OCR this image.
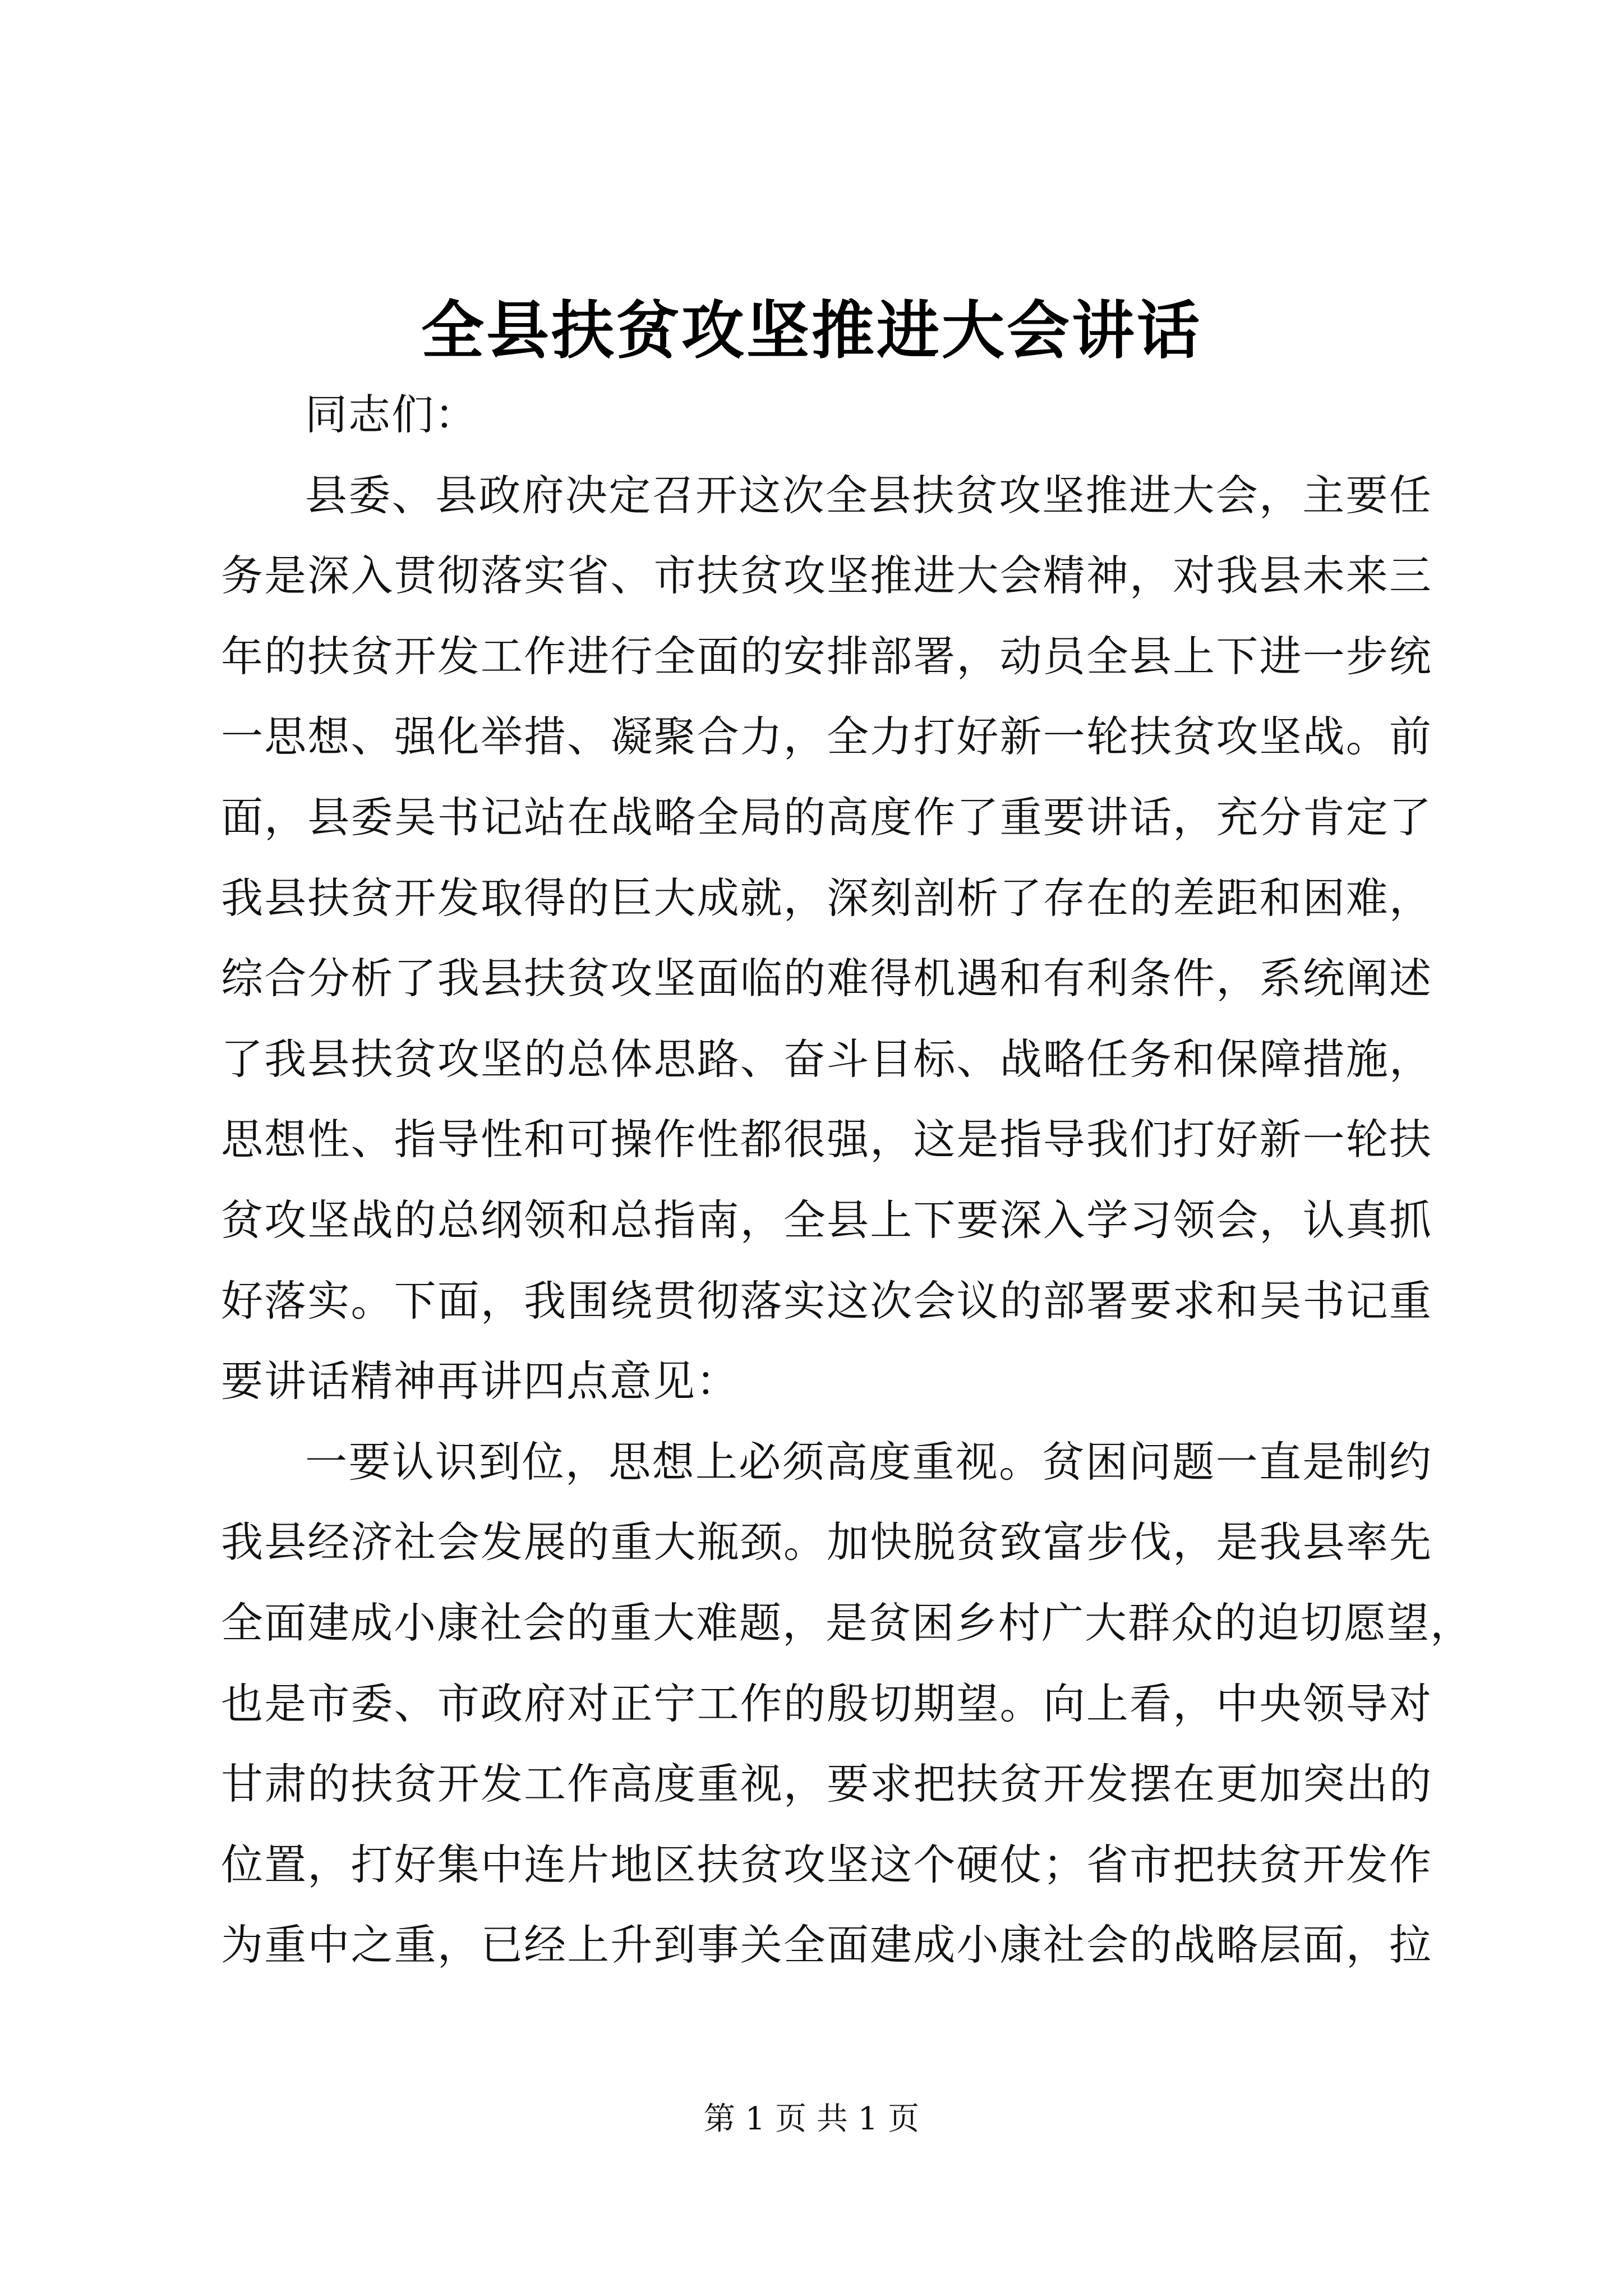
全县扶贫攻坚推进大会讲话
同志们：
县委、县政府决定召开这次全县扶贫攻坚推进大会，主要任
务是深入贯彻落实省、市扶贫攻坚推进大会精神，对我县未来三
年的扶贫开发工作进行全面的安排部署，动员全县上下进一步统
一思想、强化举措、凝聚合力，全力打好新一轮扶贫攻坚战。前
面，县委吴书记站在战略全局的高度作了重要讲话，充分肯定了
我县扶贫开发取得的巨大成就，深刻剖析了存在的差距和困难，
综合分析了我县扶贫攻坚面临的难得机遇和有利条件，系统阐述
了我县扶贫攻坚的总体思路、奋斗目标、战略任务和保障措施，
思想性、指导性和可操作性都很强，这是指导我们打好新一轮扶
贫攻坚战的总纲领和总指南，全县上下要深入学习领会，认真抓
好落实。下面，我围绕贯彻落实这次会议的部署要求和吴书记重
要讲话精神再讲四点意见：
一要认识到位，思想上必须高度重视。贫困问题一直是制约
我县经济社会发展的重大瓶颈。加快脱贫致富步伐，是我县率先
全面建成小康社会的重大难题，是贫困乡村广大群众的迫切愿望，
也是市委、市政府对正宁工作的殷切期望。向上看，中央领导对
甘肃的扶贫开发工作高度重视，要求把扶贫开发摆在更加突出的
位置，打好集中连片地区扶贫攻坚这个硬仗；省市把扶贫开发作
为重中之重，已经上升到事关全面建成小康社会的战略层面，拉
第 1 页 共 1 页
